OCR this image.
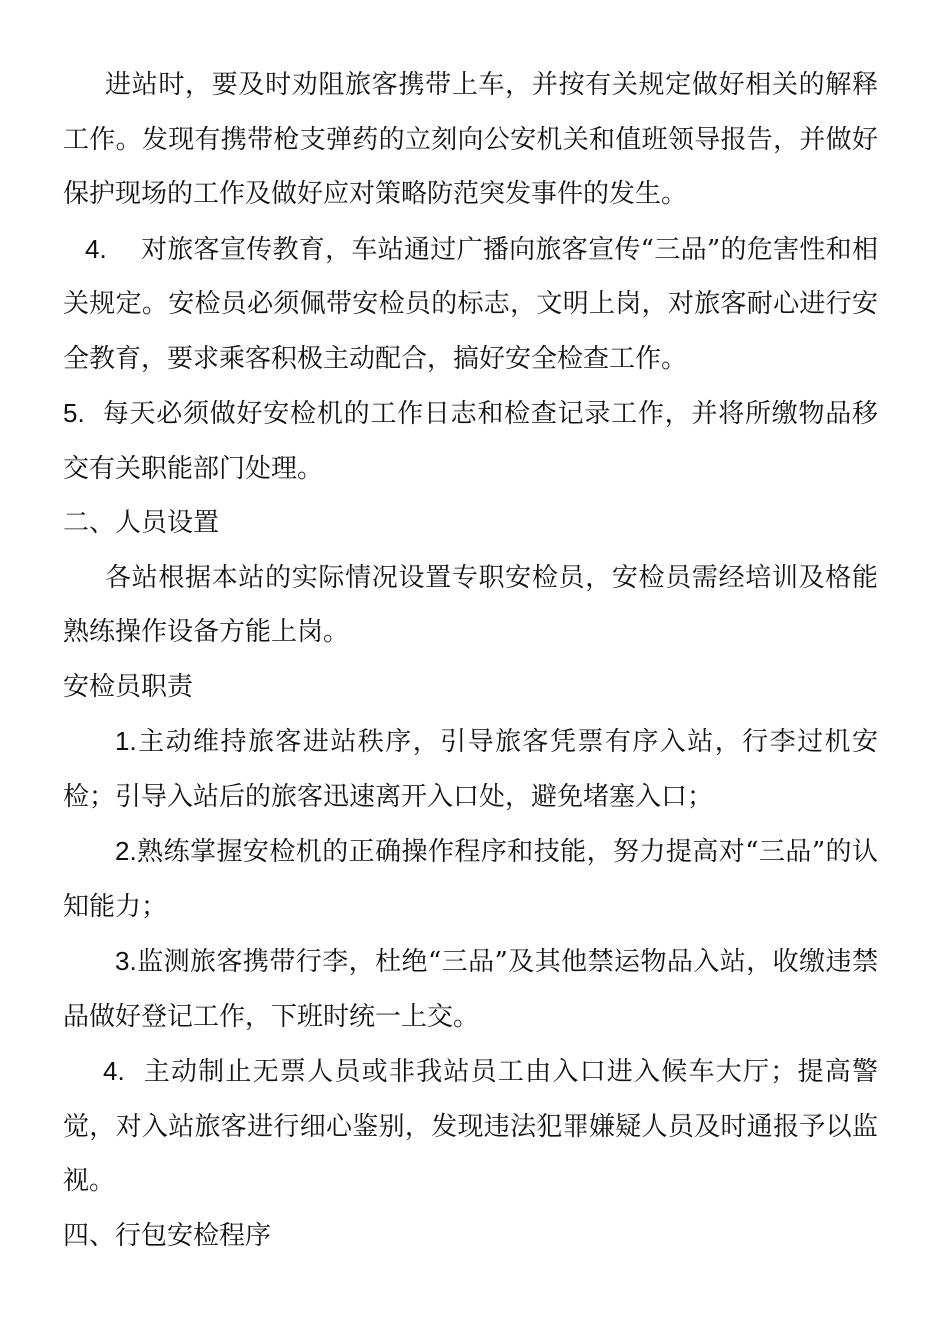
进站时，要及时劝阻旅客携带上车，并按有关规定做好相关的解释工作。发现有携带枪支弹药的立刻向公安机关和值班领导报告，并做好保护现场的工作及做好应对策略防范突发事件的发生。

4. 对旅客宣传教育，车站通过广播向旅客宣传“三品”的危害性和相关规定。安检员必须佩带安检员的标志，文明上岗，对旅客耐心进行安全教育，要求乘客积极主动配合，搞好安全检查工作。

5. 每天必须做好安检机的工作日志和检查记录工作，并将所缴物品移交有关职能部门处理。

二、人员设置

各站根据本站的实际情况设置专职安检员，安检员需经培训及格能熟练操作设备方能上岗。

安检员职责

1.主动维持旅客进站秩序，引导旅客凭票有序入站，行李过机安检；引导入站后的旅客迅速离开入口处，避免堵塞入口；

2.熟练掌握安检机的正确操作程序和技能，努力提高对“三品”的认知能力；

3.监测旅客携带行李，杜绝“三品”及其他禁运物品入站，收缴违禁品做好登记工作，下班时统一上交。

4. 主动制止无票人员或非我站员工由入口进入候车大厅；提高警觉，对入站旅客进行细心鉴别，发现违法犯罪嫌疑人员及时通报予以监视。

四、行包安检程序
